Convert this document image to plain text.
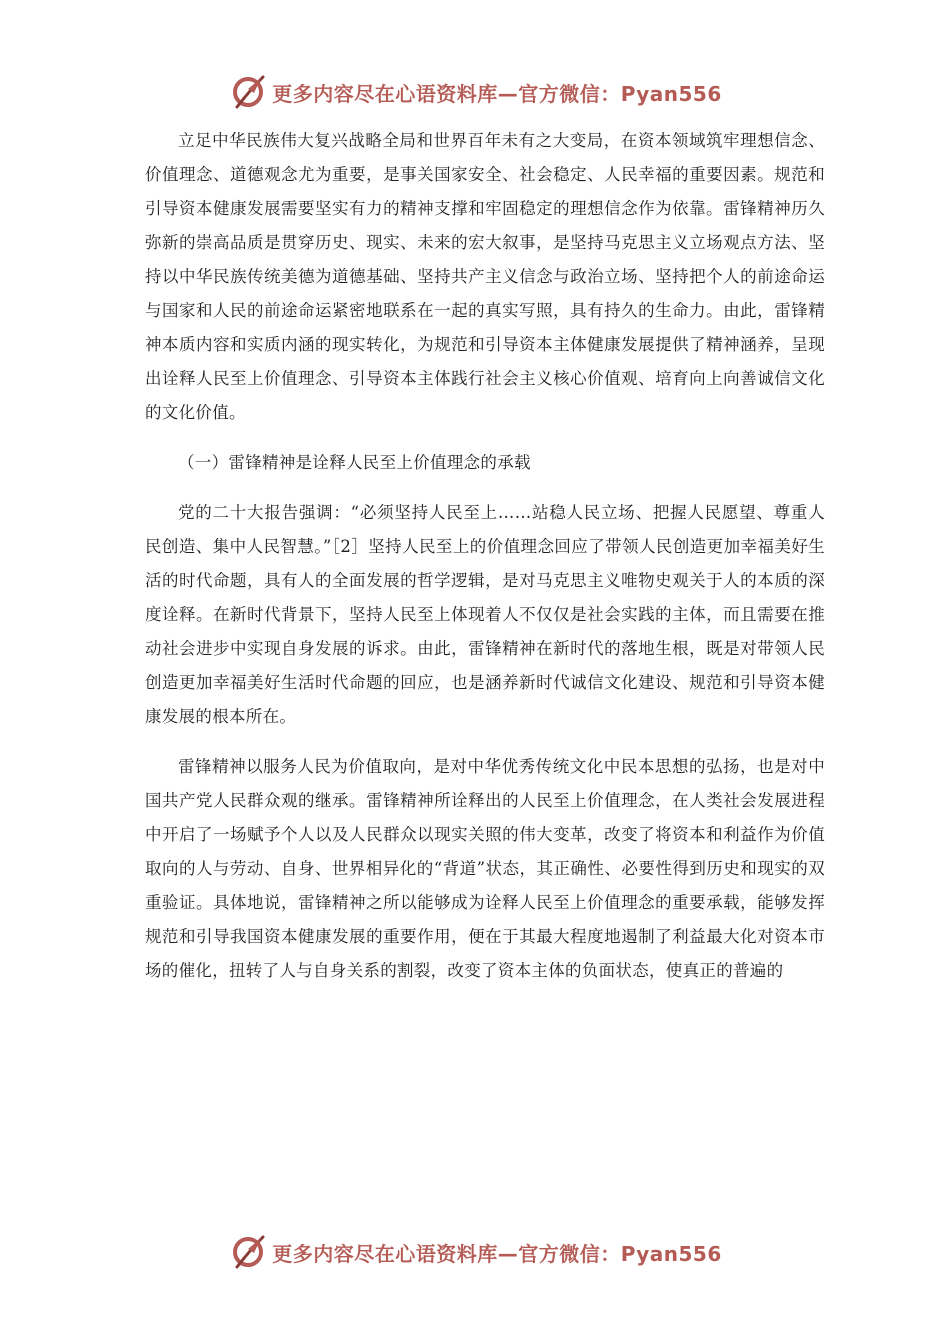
更多内容尽在心语资料库—官方微信：Pyan556

立足中华民族伟大复兴战略全局和世界百年未有之大变局，在资本领域筑牢理想信念、价值理念、道德观念尤为重要，是事关国家安全、社会稳定、人民幸福的重要因素。规范和引导资本健康发展需要坚实有力的精神支撑和牢固稳定的理想信念作为依靠。雷锋精神历久弥新的崇高品质是贯穿历史、现实、未来的宏大叙事，是坚持马克思主义立场观点方法、坚持以中华民族传统美德为道德基础、坚持共产主义信念与政治立场、坚持把个人的前途命运与国家和人民的前途命运紧密地联系在一起的真实写照，具有持久的生命力。由此，雷锋精神本质内容和实质内涵的现实转化，为规范和引导资本主体健康发展提供了精神涵养，呈现出诠释人民至上价值理念、引导资本主体践行社会主义核心价值观、培育向上向善诚信文化的文化价值。

（一）雷锋精神是诠释人民至上价值理念的承载

党的二十大报告强调：“必须坚持人民至上……站稳人民立场、把握人民愿望、尊重人民创造、集中人民智慧。”［2］坚持人民至上的价值理念回应了带领人民创造更加幸福美好生活的时代命题，具有人的全面发展的哲学逻辑，是对马克思主义唯物史观关于人的本质的深度诠释。在新时代背景下，坚持人民至上体现着人不仅仅是社会实践的主体，而且需要在推动社会进步中实现自身发展的诉求。由此，雷锋精神在新时代的落地生根，既是对带领人民创造更加幸福美好生活时代命题的回应，也是涵养新时代诚信文化建设、规范和引导资本健康发展的根本所在。

雷锋精神以服务人民为价值取向，是对中华优秀传统文化中民本思想的弘扬，也是对中国共产党人民群众观的继承。雷锋精神所诠释出的人民至上价值理念，在人类社会发展进程中开启了一场赋予个人以及人民群众以现实关照的伟大变革，改变了将资本和利益作为价值取向的人与劳动、自身、世界相异化的“背道”状态，其正确性、必要性得到历史和现实的双重验证。具体地说，雷锋精神之所以能够成为诠释人民至上价值理念的重要承载，能够发挥规范和引导我国资本健康发展的重要作用，便在于其最大程度地遏制了利益最大化对资本市场的催化，扭转了人与自身关系的割裂，改变了资本主体的负面状态，使真正的普遍的

更多内容尽在心语资料库—官方微信：Pyan556
